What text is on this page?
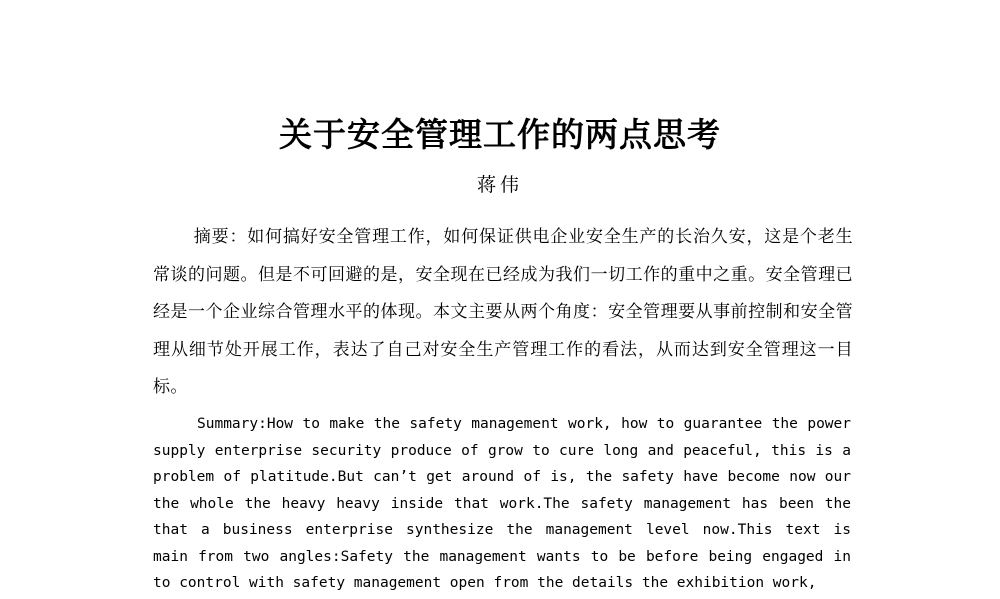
关于安全管理工作的两点思考
蒋伟

摘要：如何搞好安全管理工作，如何保证供电企业安全生产的长治久安，这是个老生常谈的问题。但是不可回避的是，安全现在已经成为我们一切工作的重中之重。安全管理已经是一个企业综合管理水平的体现。本文主要从两个角度：安全管理要从事前控制和安全管理从细节处开展工作，表达了自己对安全生产管理工作的看法，从而达到安全管理这一目标。

Summary:How to make the safety management work, how to guarantee the power supply enterprise security produce of grow to cure long and peaceful, this is a problem of platitude.But can’t get around of is, the safety have become now our the whole the heavy heavy inside that work.The safety management has been the that a business enterprise synthesize the management level now.This text is main from two angles:Safety the management wants to be before being engaged in to control with safety management open from the details the exhibition work,
